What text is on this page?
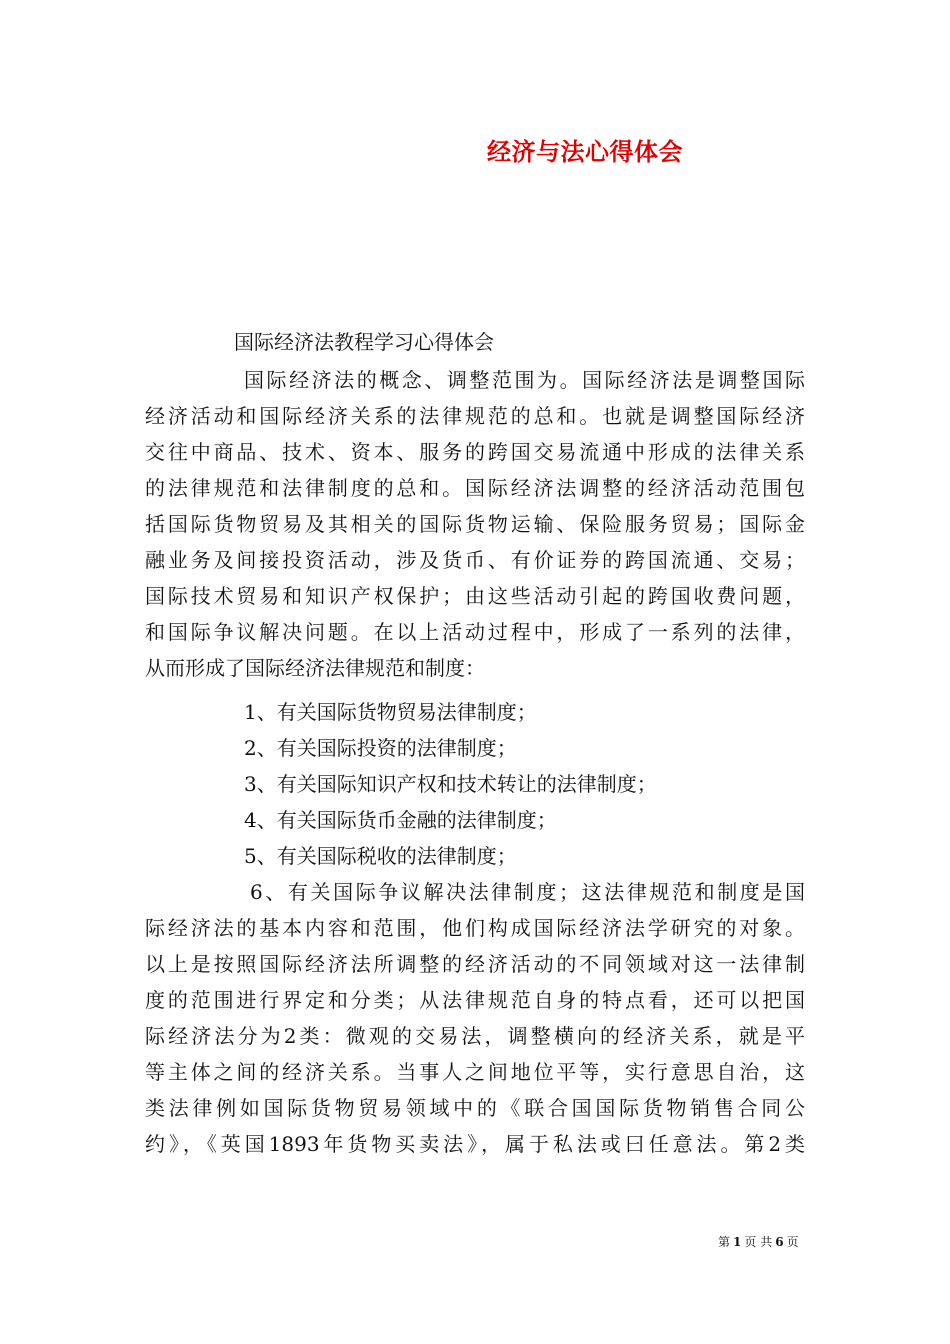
经济与法心得体会
国际经济法教程学习心得体会
国际经济法的概念、调整范围为。国际经济法是调整国际
经济活动和国际经济关系的法律规范的总和。也就是调整国际经济
交往中商品、技术、资本、服务的跨国交易流通中形成的法律关系
的法律规范和法律制度的总和。国际经济法调整的经济活动范围包
括国际货物贸易及其相关的国际货物运输、保险服务贸易；国际金
融业务及间接投资活动，涉及货币、有价证券的跨国流通、交易；
国际技术贸易和知识产权保护；由这些活动引起的跨国收费问题，
和国际争议解决问题。在以上活动过程中，形成了一系列的法律，
从而形成了国际经济法律规范和制度：
1、有关国际货物贸易法律制度；
2、有关国际投资的法律制度；
3、有关国际知识产权和技术转让的法律制度；
4、有关国际货币金融的法律制度；
5、有关国际税收的法律制度；
6、有关国际争议解决法律制度；这法律规范和制度是国
际经济法的基本内容和范围，他们构成国际经济法学研究的对象。
以上是按照国际经济法所调整的经济活动的不同领域对这一法律制
度的范围进行界定和分类；从法律规范自身的特点看，还可以把国
际经济法分为2类：微观的交易法，调整横向的经济关系，就是平
等主体之间的经济关系。当事人之间地位平等，实行意思自治，这
类法律例如国际货物贸易领域中的《联合国国际货物销售合同公
约》，《英国1893年货物买卖法》，属于私法或曰任意法。第2类
第 1 页 共 6 页
